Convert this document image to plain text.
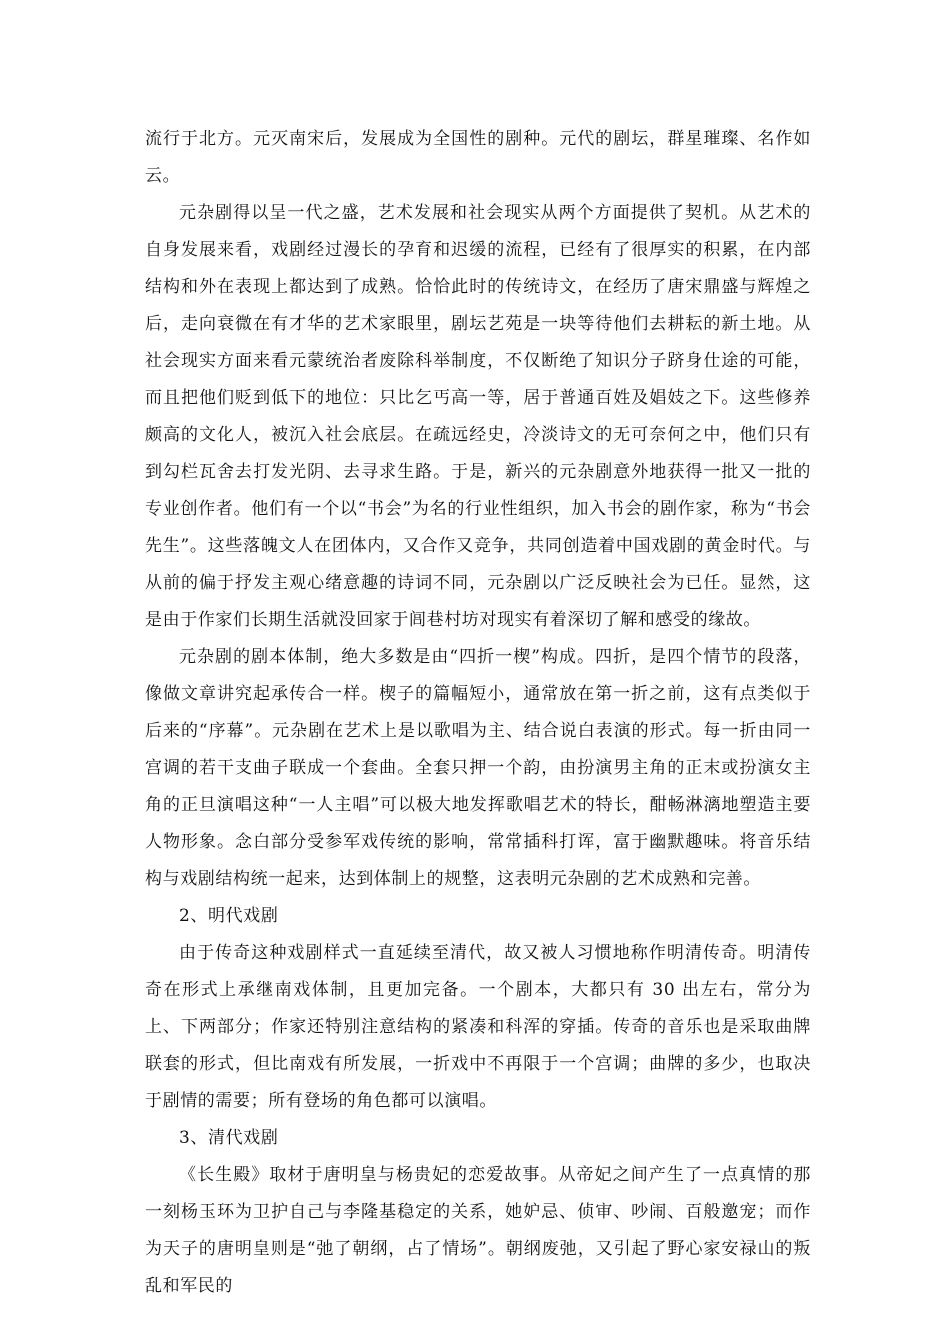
流行于北方。元灭南宋后，发展成为全国性的剧种。元代的剧坛，群星璀璨、名作如云。

元杂剧得以呈一代之盛，艺术发展和社会现实从两个方面提供了契机。从艺术的自身发展来看，戏剧经过漫长的孕育和迟缓的流程，已经有了很厚实的积累，在内部结构和外在表现上都达到了成熟。恰恰此时的传统诗文，在经历了唐宋鼎盛与辉煌之后，走向衰微在有才华的艺术家眼里，剧坛艺苑是一块等待他们去耕耘的新土地。从社会现实方面来看元蒙统治者废除科举制度，不仅断绝了知识分子跻身仕途的可能，而且把他们贬到低下的地位：只比乞丐高一等，居于普通百姓及娼妓之下。这些修养颇高的文化人，被沉入社会底层。在疏远经史，冷淡诗文的无可奈何之中，他们只有到勾栏瓦舍去打发光阴、去寻求生路。于是，新兴的元杂剧意外地获得一批又一批的专业创作者。他们有一个以“书会”为名的行业性组织，加入书会的剧作家，称为“书会先生”。这些落魄文人在团体内，又合作又竞争，共同创造着中国戏剧的黄金时代。与从前的偏于抒发主观心绪意趣的诗词不同，元杂剧以广泛反映社会为已任。显然，这是由于作家们长期生活就没回家于闾巷村坊对现实有着深切了解和感受的缘故。

元杂剧的剧本体制，绝大多数是由“四折一楔”构成。四折，是四个情节的段落，像做文章讲究起承传合一样。楔子的篇幅短小，通常放在第一折之前，这有点类似于后来的“序幕”。元杂剧在艺术上是以歌唱为主、结合说白表演的形式。每一折由同一宫调的若干支曲子联成一个套曲。全套只押一个韵，由扮演男主角的正末或扮演女主角的正旦演唱这种“一人主唱”可以极大地发挥歌唱艺术的特长，酣畅淋漓地塑造主要人物形象。念白部分受参军戏传统的影响，常常插科打诨，富于幽默趣味。将音乐结构与戏剧结构统一起来，达到体制上的规整，这表明元杂剧的艺术成熟和完善。

2、明代戏剧

由于传奇这种戏剧样式一直延续至清代，故又被人习惯地称作明清传奇。明清传奇在形式上承继南戏体制，且更加完备。一个剧本，大都只有 30 出左右，常分为上、下两部分；作家还特别注意结构的紧凑和科浑的穿插。传奇的音乐也是采取曲牌联套的形式，但比南戏有所发展，一折戏中不再限于一个宫调；曲牌的多少，也取决于剧情的需要；所有登场的角色都可以演唱。

3、清代戏剧

《长生殿》取材于唐明皇与杨贵妃的恋爱故事。从帝妃之间产生了一点真情的那一刻杨玉环为卫护自己与李隆基稳定的关系，她妒忌、侦审、吵闹、百般邀宠；而作为天子的唐明皇则是“弛了朝纲，占了情场”。朝纲废弛，又引起了野心家安禄山的叛乱和军民的
